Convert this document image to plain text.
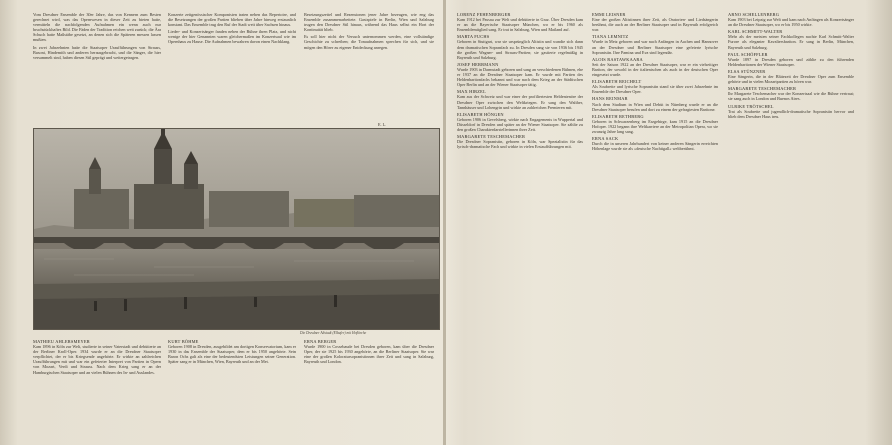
Vom Dresdner Ensemble der 30er Jahre, das von Kennern zum Besten gerechnet wird, was das Opernwesen in dieser Zeit zu bieten hatte, vermitteln die nachfolgenden Aufnahmen ein wenn auch nur bruchstückhaftes Bild. Die Fäden der Tradition reichen weit zurück; die Ära Schuch hatte Maßstäbe gesetzt, an denen sich die Späteren messen lassen mußten.
In zwei Jahrzehnten hatte die Staatsoper Uraufführungen von Strauss, Busoni, Hindemith und anderen herausgebracht, und die Sänger, die hier versammelt sind, haben diesen Stil geprägt und weitergetragen.
Konzerte zeitgenössischer Komponisten traten neben das Repertoire, und die Besetzungen der großen Partien blieben über Jahre hinweg erstaunlich konstant. Das Ensemble trug den Ruf der Stadt weit über Sachsen hinaus.
Lieder- und Konzertsänger fanden neben der Bühne ihren Platz, und nicht wenige der hier Genannten waren gleichermaßen im Konzertsaal wie im Opernhaus zu Hause. Die Aufnahmen bewahren davon einen Nachklang.
Besetzungszettel und Rezensionen jener Jahre bezeugen, wie eng das Ensemble zusammenarbeitete. Gastspiele in Berlin, Wien und Salzburg trugen den Dresdner Stil hinaus, während das Haus selbst ein Hort der Kontinuität blieb.
Es soll hier nicht der Versuch unternommen werden, eine vollständige Geschichte zu schreiben; die Tonaufnahmen sprechen für sich, und sie mögen den Hörer zu eigener Entdeckung anregen.
E. L.
Die Dresdner Altstadt (Elbufer) mit Hofkirche
MATHIEU AHLERSMEYER
Kam 1896 in Köln zur Welt, studierte in seiner Vaterstadt und debütierte an der Berliner Kroll-Oper. 1934 wurde er an die Dresdner Staatsoper verpflichtet, der er bis Kriegsende angehörte. Er wirkte an zahlreichen Uraufführungen mit und war ein gefeierter Interpret von Partien in Opern von Mozart, Verdi und Strauss. Nach dem Krieg sang er an der Hamburgischen Staatsoper und an vielen Bühnen des In- und Auslandes.
KURT BÖHME
Geboren 1908 in Dresden, ausgebildet am dortigen Konservatorium, kam er 1930 in das Ensemble der Staatsoper, dem er bis 1950 angehörte. Sein Baron Ochs galt als eine der bedeutendsten Leistungen seiner Generation. Später sang er in München, Wien, Bayreuth und an der Met.
ERNA BERGER
Wurde 1900 in Cossebaude bei Dresden geboren, kam über die Dresdner Oper, der sie 1925 bis 1930 angehörte, an die Berliner Staatsoper. Sie war eine der großen Koloratursopranistinnen ihrer Zeit und sang in Salzburg, Bayreuth und London.
LORENZ FEHENBERGER
Kam 1912 bei Passau zur Welt und debütierte in Graz. Über Dresden kam er an die Bayerische Staatsoper München, wo er bis 1960 als Ensemblemitglied sang. Er trat in Salzburg, Wien und Mailand auf.
MARTA FUCHS
Geboren in Stuttgart, war sie ursprünglich Altistin und wandte sich dann dem dramatischen Sopranfach zu. In Dresden sang sie von 1936 bis 1945 die großen Wagner- und Strauss-Partien; sie gastierte regelmäßig in Bayreuth und Salzburg.
JOSEF HERRMANN
Wurde 1903 in Darmstadt geboren und sang an verschiedenen Bühnen, ehe er 1937 an die Dresdner Staatsoper kam. Er wurde mit Partien des Heldenbaritonfachs bekannt und war nach dem Krieg an der Städtischen Oper Berlin und an der Wiener Staatsoper tätig.
MAX HIRZEL
Kam aus der Schweiz und war einer der profiliertesten Heldentenöre der Dresdner Oper zwischen den Weltkriegen. Er sang den Walther, Tannhäuser und Lohengrin und wirkte an zahlreichen Premieren mit.
ELISABETH HÖNGEN
Geboren 1906 in Gevelsberg, wirkte nach Engagements in Wuppertal und Düsseldorf in Dresden und später an der Wiener Staatsoper. Sie zählte zu den großen Charakterdarstellerinnen ihrer Zeit.
MARGARETE TESCHEMACHER
Die Dresdner Sopranistin, geboren in Köln, war Spezialistin für das lyrisch-dramatische Fach und wirkte in vielen Erstaufführungen mit.
EMMI LEISNER
Eine der großen Altistinnen ihrer Zeit, als Oratorien- und Liedsängerin berühmt, die auch an der Berliner Staatsoper und in Bayreuth erfolgreich war.
TIANA LEMNITZ
Wurde in Metz geboren und war nach Anfängen in Aachen und Hannover an der Dresdner und Berliner Staatsoper eine gefeierte lyrische Sopranistin. Ihre Pamina und Eva sind legendär.
ALOIS RASTAWKAARA
Seit der Saison 1922 an der Dresdner Staatsoper, war er ein vielseitiger Bariton, der sowohl in der italienischen als auch in der deutschen Oper eingesetzt wurde.
ELISABETH REICHELT
Als Soubrette und lyrische Sopranistin stand sie über zwei Jahrzehnte im Ensemble der Dresdner Oper.
HANS REINMAR
Nach dem Studium in Wien und Debüt in Nürnberg wurde er an die Dresdner Staatsoper berufen und dort zu einem der gefragtesten Baritone.
ELISABETH RETHBERG
Geboren in Schwarzenberg im Erzgebirge, kam 1915 an die Dresdner Hofoper. 1922 begann ihre Weltkarriere an der Metropolitan Opera, wo sie zwanzig Jahre lang sang.
ERNA SACK
Durch die in unseren Jahrhundert von keiner anderen Sängerin erreichten Höhenlage wurde sie als »deutsche Nachtigall« weltberühmt.
ARNO SCHELLENBERG
Kam 1903 bei Leipzig zur Welt und kam nach Anfängen als Konzertsänger an die Dresdner Staatsoper, wo er bis 1950 wirkte.
KARL SCHMITT-WALTER
Mehr als der meisten seiner Fachkollegen nachte Karl Schmitt-Walter Furore als eleganter Kavaliersbariton. Er sang in Berlin, München, Bayreuth und Salzburg.
PAUL SCHÖFFLER
Wurde 1897 in Dresden geboren und zählte zu den führenden Heldenbaritonen der Wiener Staatsoper.
ELSA STÜNZNER
Eine Sängerin, die in der Blütezeit der Dresdner Oper zum Ensemble gehörte und in vielen Mozartpartien zu hören war.
MARGARETE TESCHEMACHER
Ihr Margarete Teschemacher war der Konzertsaal wie die Bühne vertraut; sie sang auch in London und Buenos Aires.
ULRIKE TRÖTSCHEL
Trat als Soubrette und jugendlich-dramatische Sopranistin hervor und blieb dem Dresdner Haus treu.
